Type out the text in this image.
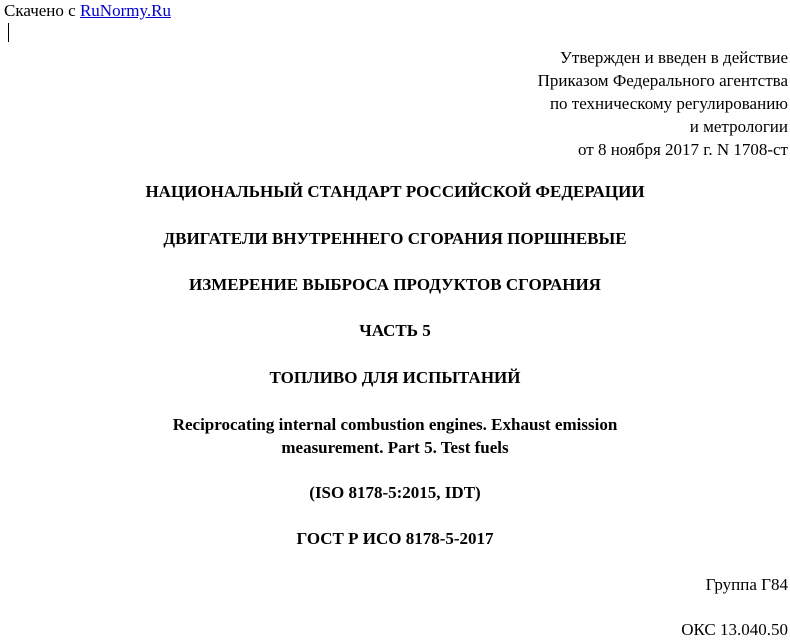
Скачено с RuNormy.Ru
Утвержден и введен в действие
Приказом Федерального агентства
по техническому регулированию
и метрологии
от 8 ноября 2017 г. N 1708-ст
НАЦИОНАЛЬНЫЙ СТАНДАРТ РОССИЙСКОЙ ФЕДЕРАЦИИ
ДВИГАТЕЛИ ВНУТРЕННЕГО СГОРАНИЯ ПОРШНЕВЫЕ
ИЗМЕРЕНИЕ ВЫБРОСА ПРОДУКТОВ СГОРАНИЯ
ЧАСТЬ 5
ТОПЛИВО ДЛЯ ИСПЫТАНИЙ
Reciprocating internal combustion engines. Exhaust emission
measurement. Part 5. Test fuels
(ISO 8178-5:2015, IDT)
ГОСТ Р ИСО 8178-5-2017
Группа Г84
ОКС 13.040.50
